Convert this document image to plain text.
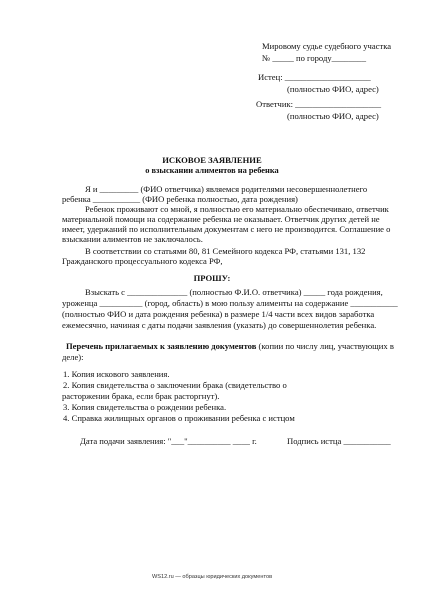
Мировому судье судебного участка
№ _____ по городу________
Истец: ____________________
(полностью ФИО, адрес)
Ответчик: ____________________
(полностью ФИО, адрес)
ИСКОВОЕ ЗАЯВЛЕНИЕ
о взыскании алиментов на ребенка
Я и _________ (ФИО ответчика) являемся родителями несовершеннолетнего
ребенка ___________ (ФИО ребенка полностью, дата рождения)
Ребенок проживают со мной, я полностью его материально обеспечиваю, ответчик
материальной помощи на содержание ребенка не оказывает. Ответчик других детей не
имеет, удержаний по исполнительным документам с него не производится. Соглашение о
взыскании алиментов не заключалось.
В соответствии со статьями 80, 81 Семейного кодекса РФ, статьями 131, 132
Гражданского процессуального кодекса РФ,
ПРОШУ:
Взыскать с ______________ (полностью Ф.И.О. ответчика) _____ года рождения,
уроженца __________ (город, область) в мою пользу алименты на содержание ___________
(полностью ФИО и дата рождения ребенка) в размере 1/4 части всех видов заработка
ежемесячно, начиная с даты подачи заявления (указать) до совершеннолетия ребенка.
Перечень прилагаемых к заявлению документов (копии по числу лиц, участвующих в
деле):
1. Копия искового заявления.
2. Копия свидетельства о заключении брака (свидетельство о
расторжении брака, если брак расторгнут).
3. Копия свидетельства о рождении ребенка.
4. Справка жилищных органов о проживании ребенка с истцом
Дата подачи заявления: "___"__________ ____ г.	Подпись истца ___________
WS12.ru — образцы юридических документов
